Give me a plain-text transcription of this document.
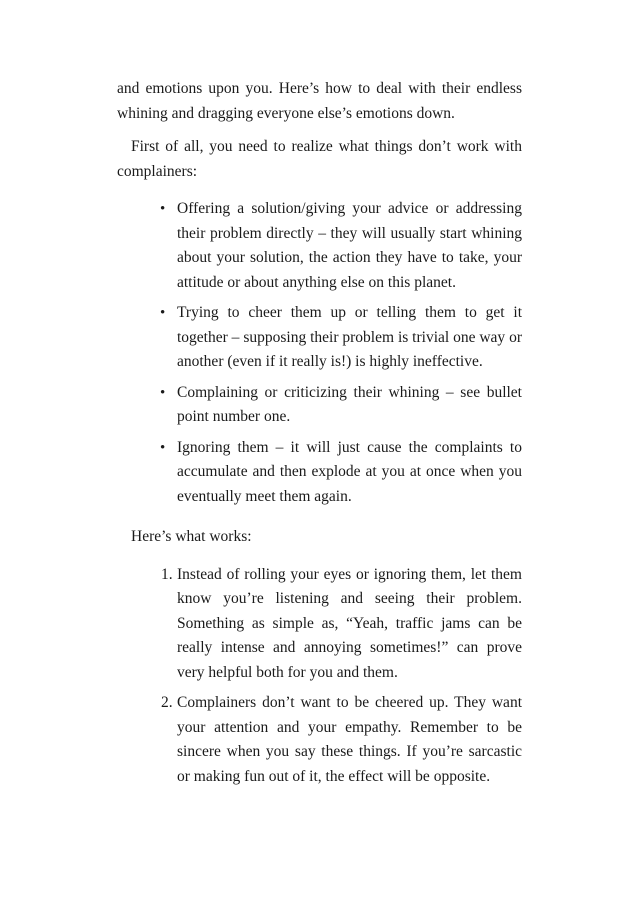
and emotions upon you. Here’s how to deal with their endless whining and dragging everyone else’s emotions down.

First of all, you need to realize what things don’t work with complainers:

• Offering a solution/giving your advice or addressing their problem directly – they will usually start whining about your solution, the action they have to take, your attitude or about anything else on this planet.
• Trying to cheer them up or telling them to get it together – supposing their problem is trivial one way or another (even if it really is!) is highly ineffective.
• Complaining or criticizing their whining – see bullet point number one.
• Ignoring them – it will just cause the complaints to accumulate and then explode at you at once when you eventually meet them again.

Here’s what works:

1. Instead of rolling your eyes or ignoring them, let them know you’re listening and seeing their problem. Something as simple as, “Yeah, traffic jams can be really intense and annoying sometimes!” can prove very helpful both for you and them.
2. Complainers don’t want to be cheered up. They want your attention and your empathy. Remember to be sincere when you say these things. If you’re sarcastic or making fun out of it, the effect will be opposite.
